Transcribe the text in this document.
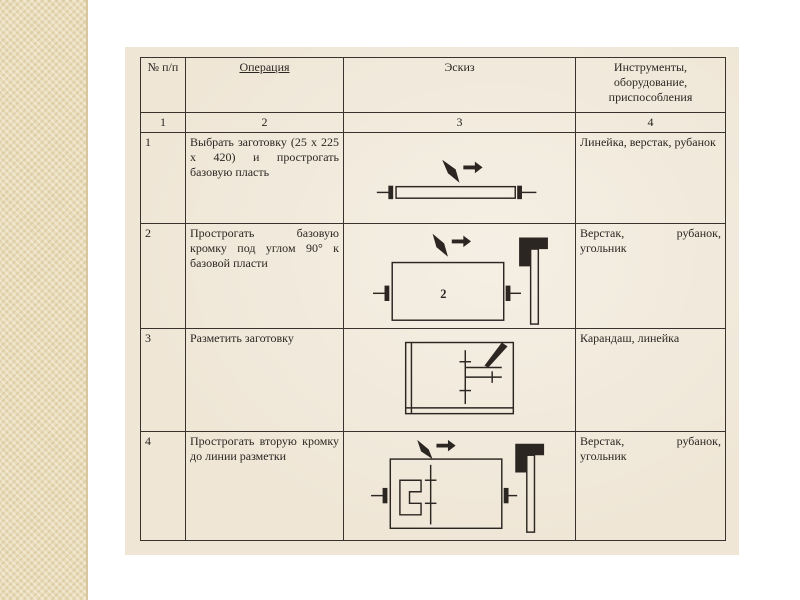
№ п/п	Операция	Эскиз	Инструменты, оборудование, приспособления
1	2	3	4
1	Выбрать заготовку (25 x 225 x 420) и прострогать базовую пласть		Линейка, верстак, рубанок
2	Прострогать базовую кромку под углом 90° к базовой пласти	2	Верстак, рубанок, угольник
3	Разметить заготовку		Карандаш, линейка
4	Прострогать вторую кромку до линии разметки		Верстак, рубанок, угольник
